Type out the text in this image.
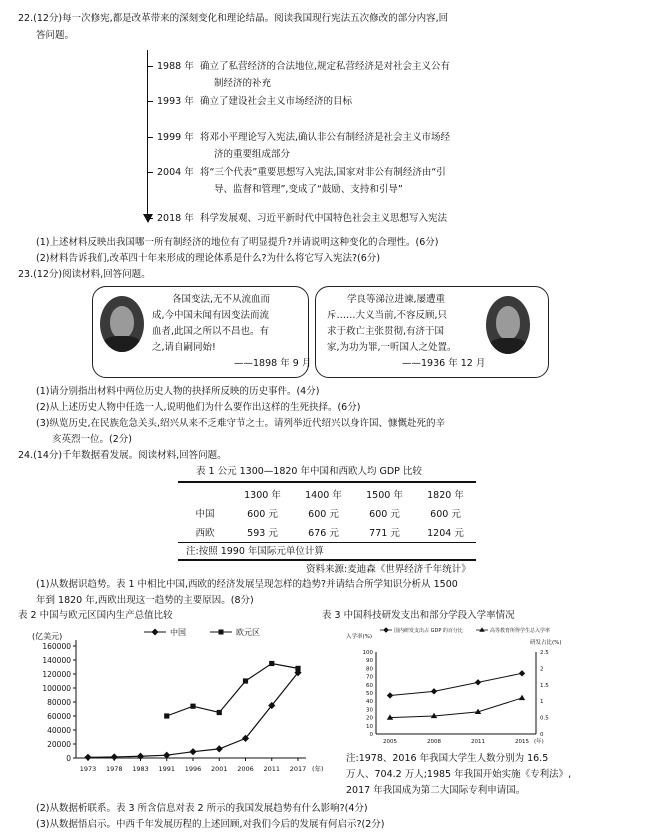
22.(12分)每一次修宪,都是改革带来的深刻变化和理论结晶。阅读我国现行宪法五次修改的部分内容,回
答问题。
1988 年 确立了私营经济的合法地位,规定私营经济是对社会主义公有
制经济的补充
1993 年 确立了建设社会主义市场经济的目标
1999 年 将邓小平理论写入宪法,确认非公有制经济是社会主义市场经
济的重要组成部分
2004 年 将“三个代表”重要思想写入宪法,国家对非公有制经济由“引
导、监督和管理”,变成了“鼓励、支持和引导”
2018 年 科学发展观、习近平新时代中国特色社会主义思想写入宪法
(1)上述材料反映出我国哪一所有制经济的地位有了明显提升?并请说明这种变化的合理性。(6分)
(2)材料告诉我们,改革四十年来形成的理论体系是什么?为什么将它写入宪法?(6分)
23.(12分)阅读材料,回答问题。
各国变法,无不从流血而
成,今中国未闻有因变法而流
血者,此国之所以不昌也。有
之,请自嗣同始!
——1898 年 9 月
学良等涕泣进谏,屡遭重
斥……大义当前,不容反顾,只
求于救亡主张贯彻,有济于国
家,为功为罪,一听国人之处置。
——1936 年 12 月
(1)请分别指出材料中两位历史人物的抉择所反映的历史事件。(4分)
(2)从上述历史人物中任选一人,说明他们为什么要作出这样的生死抉择。(6分)
(3)纵览历史,在民族危急关头,绍兴从来不乏难守节之士。请列举近代绍兴以身许国、慷慨赴死的辛
亥英烈一位。(2分)
24.(14分)千年数据看发展。阅读材料,回答问题。
表 1 公元 1300—1820 年中国和西欧人均 GDP 比较
	1300 年	1400 年	1500 年	1820 年
中国	600 元	600 元	600 元	600 元
西欧	593 元	676 元	771 元	1204 元
注:按照 1990 年国际元单位计算
资料来源:麦迪森《世界经济千年统计》
(1)从数据识趋势。表 1 中相比中国,西欧的经济发展呈现怎样的趋势?并请结合所学知识分析从 1500
年到 1820 年,西欧出现这一趋势的主要原因。(8分)
表 2 中国与欧元区国内生产总值比较	表 3 中国科技研发支出和部分学段入学率情况
(亿美元)
0
20000
40000
60000
80000
100000
120000
140000
160000
1973 1978 1983 1991 1996 2001 2006 2011 2017 (年)
中国	欧元区	入学率(%)
研发占比(%)
0
10
20
30
40
50
60
70
80
90
100
0
0.5
1
1.5
2
2.5
2005	2008	2011	2015 (年)
国内研发支出占 GDP 的百分比	高等教育所得学生总入学率
注:1978、2016 年我国大学生人数分别为 16.5
万人、704.2 万人;1985 年我国开始实施《专利法》,
2017 年我国成为第二大国际专利申请国。
(2)从数据析联系。表 3 所含信息对表 2 所示的我国发展趋势有什么影响?(4分)
(3)从数据悟启示。中西千年发展历程的上述回顾,对我们今后的发展有何启示?(2分)
